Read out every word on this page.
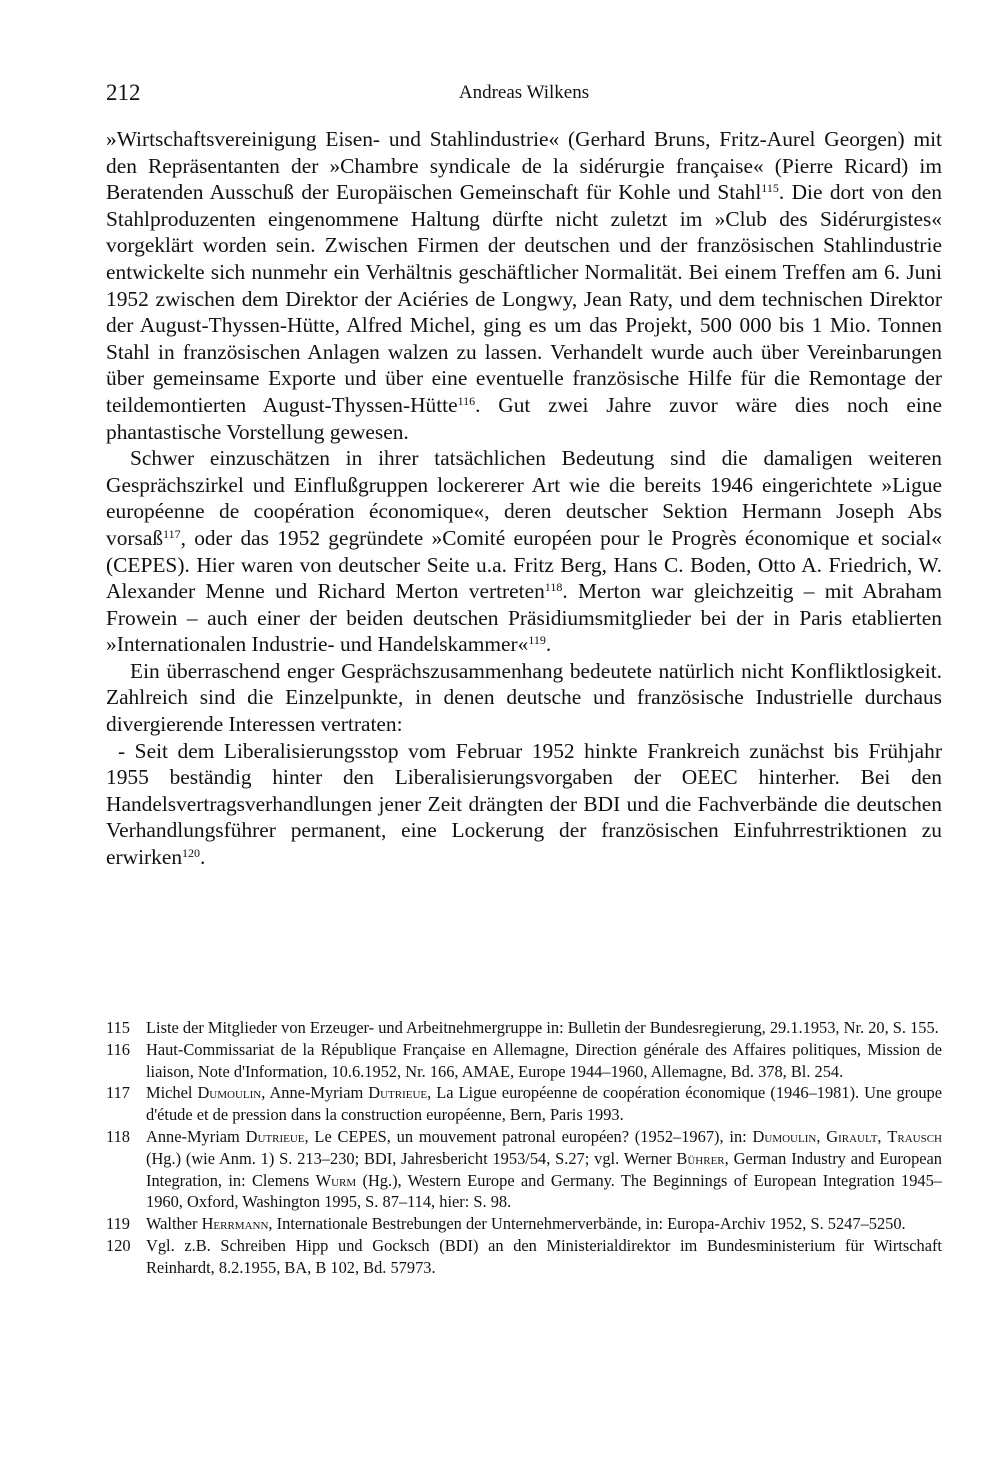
212	Andreas Wilkens

»Wirtschaftsvereinigung Eisen- und Stahlindustrie« (Gerhard Bruns, Fritz-Aurel Georgen) mit den Repräsentanten der »Chambre syndicale de la sidérurgie française« (Pierre Ricard) im Beratenden Ausschuß der Europäischen Gemeinschaft für Kohle und Stahl$^{115}$. Die dort von den Stahlproduzenten eingenommene Haltung dürfte nicht zuletzt im »Club des Sidérurgistes« vorgeklärt worden sein. Zwischen Firmen der deutschen und der französischen Stahlindustrie entwickelte sich nunmehr ein Verhältnis geschäftlicher Normalität. Bei einem Treffen am 6. Juni 1952 zwischen dem Direktor der Aciéries de Longwy, Jean Raty, und dem technischen Direktor der August-Thyssen-Hütte, Alfred Michel, ging es um das Projekt, 500 000 bis 1 Mio. Tonnen Stahl in französischen Anlagen walzen zu lassen. Verhandelt wurde auch über Vereinbarungen über gemeinsame Exporte und über eine eventuelle französische Hilfe für die Remontage der teildemontierten August-Thyssen-Hütte$^{116}$. Gut zwei Jahre zuvor wäre dies noch eine phantastische Vorstellung gewesen.

Schwer einzuschätzen in ihrer tatsächlichen Bedeutung sind die damaligen weiteren Gesprächszirkel und Einflußgruppen lockererer Art wie die bereits 1946 eingerichtete »Ligue européenne de coopération économique«, deren deutscher Sektion Hermann Joseph Abs vorsaß$^{117}$, oder das 1952 gegründete »Comité européen pour le Progrès économique et social« (CEPES). Hier waren von deutscher Seite u.a. Fritz Berg, Hans C. Boden, Otto A. Friedrich, W. Alexander Menne und Richard Merton vertreten$^{118}$. Merton war gleichzeitig – mit Abraham Frowein – auch einer der beiden deutschen Präsidiumsmitglieder bei der in Paris etablierten »Internationalen Industrie- und Handelskammer«$^{119}$.

Ein überraschend enger Gesprächszusammenhang bedeutete natürlich nicht Konfliktlosigkeit. Zahlreich sind die Einzelpunkte, in denen deutsche und französische Industrielle durchaus divergierende Interessen vertraten:

- Seit dem Liberalisierungsstop vom Februar 1952 hinkte Frankreich zunächst bis Frühjahr 1955 beständig hinter den Liberalisierungsvorgaben der OEEC hinterher. Bei den Handelsvertragsverhandlungen jener Zeit drängten der BDI und die Fachverbände die deutschen Verhandlungsführer permanent, eine Lockerung der französischen Einfuhrrestriktionen zu erwirken$^{120}$.

115 Liste der Mitglieder von Erzeuger- und Arbeitnehmergruppe in: Bulletin der Bundesregierung, 29.1.1953, Nr. 20, S. 155.
116 Haut-Commissariat de la République Française en Allemagne, Direction générale des Affaires politiques, Mission de liaison, Note d'Information, 10.6.1952, Nr. 166, AMAE, Europe 1944–1960, Allemagne, Bd. 378, Bl. 254.
117 Michel Dumoulin, Anne-Myriam Dutrieue, La Ligue européenne de coopération économique (1946–1981). Une groupe d'étude et de pression dans la construction européenne, Bern, Paris 1993.
118 Anne-Myriam Dutrieue, Le CEPES, un mouvement patronal européen? (1952–1967), in: Dumoulin, Girault, Trausch (Hg.) (wie Anm. 1) S. 213–230; BDI, Jahresbericht 1953/54, S.27; vgl. Werner Bührer, German Industry and European Integration, in: Clemens Wurm (Hg.), Western Europe and Germany. The Beginnings of European Integration 1945–1960, Oxford, Washington 1995, S. 87–114, hier: S. 98.
119 Walther Herrmann, Internationale Bestrebungen der Unternehmerverbände, in: Europa-Archiv 1952, S. 5247–5250.
120 Vgl. z.B. Schreiben Hipp und Gocksch (BDI) an den Ministerialdirektor im Bundesministerium für Wirtschaft Reinhardt, 8.2.1955, BA, B 102, Bd. 57973.
